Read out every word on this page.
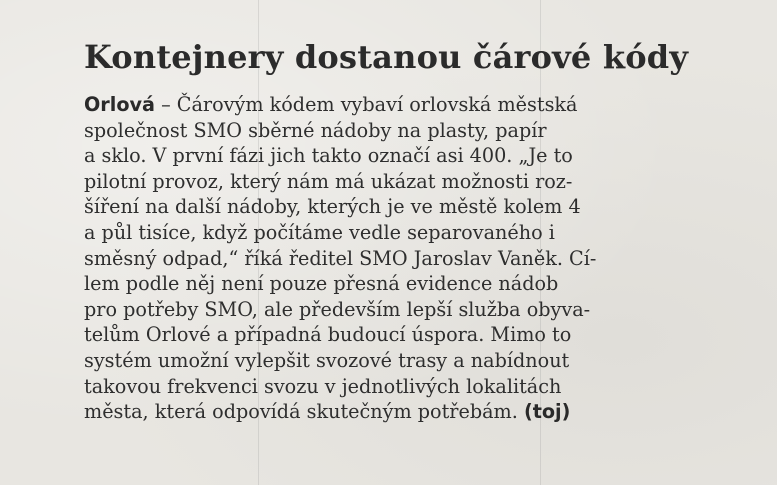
Kontejnery dostanou čárové kódy

Orlová – Čárovým kódem vybaví orlovská městská
společnost SMO sběrné nádoby na plasty, papír
a sklo. V první fázi jich takto označí asi 400. „Je to
pilotní provoz, který nám má ukázat možnosti roz-
šíření na další nádoby, kterých je ve městě kolem 4
a půl tisíce, když počítáme vedle separovaného i
směsný odpad,“ říká ředitel SMO Jaroslav Vaněk. Cí-
lem podle něj není pouze přesná evidence nádob
pro potřeby SMO, ale především lepší služba obyva-
telům Orlové a případná budoucí úspora. Mimo to
systém umožní vylepšit svozové trasy a nabídnout
takovou frekvenci svozu v jednotlivých lokalitách
města, která odpovídá skutečným potřebám. (toj)
